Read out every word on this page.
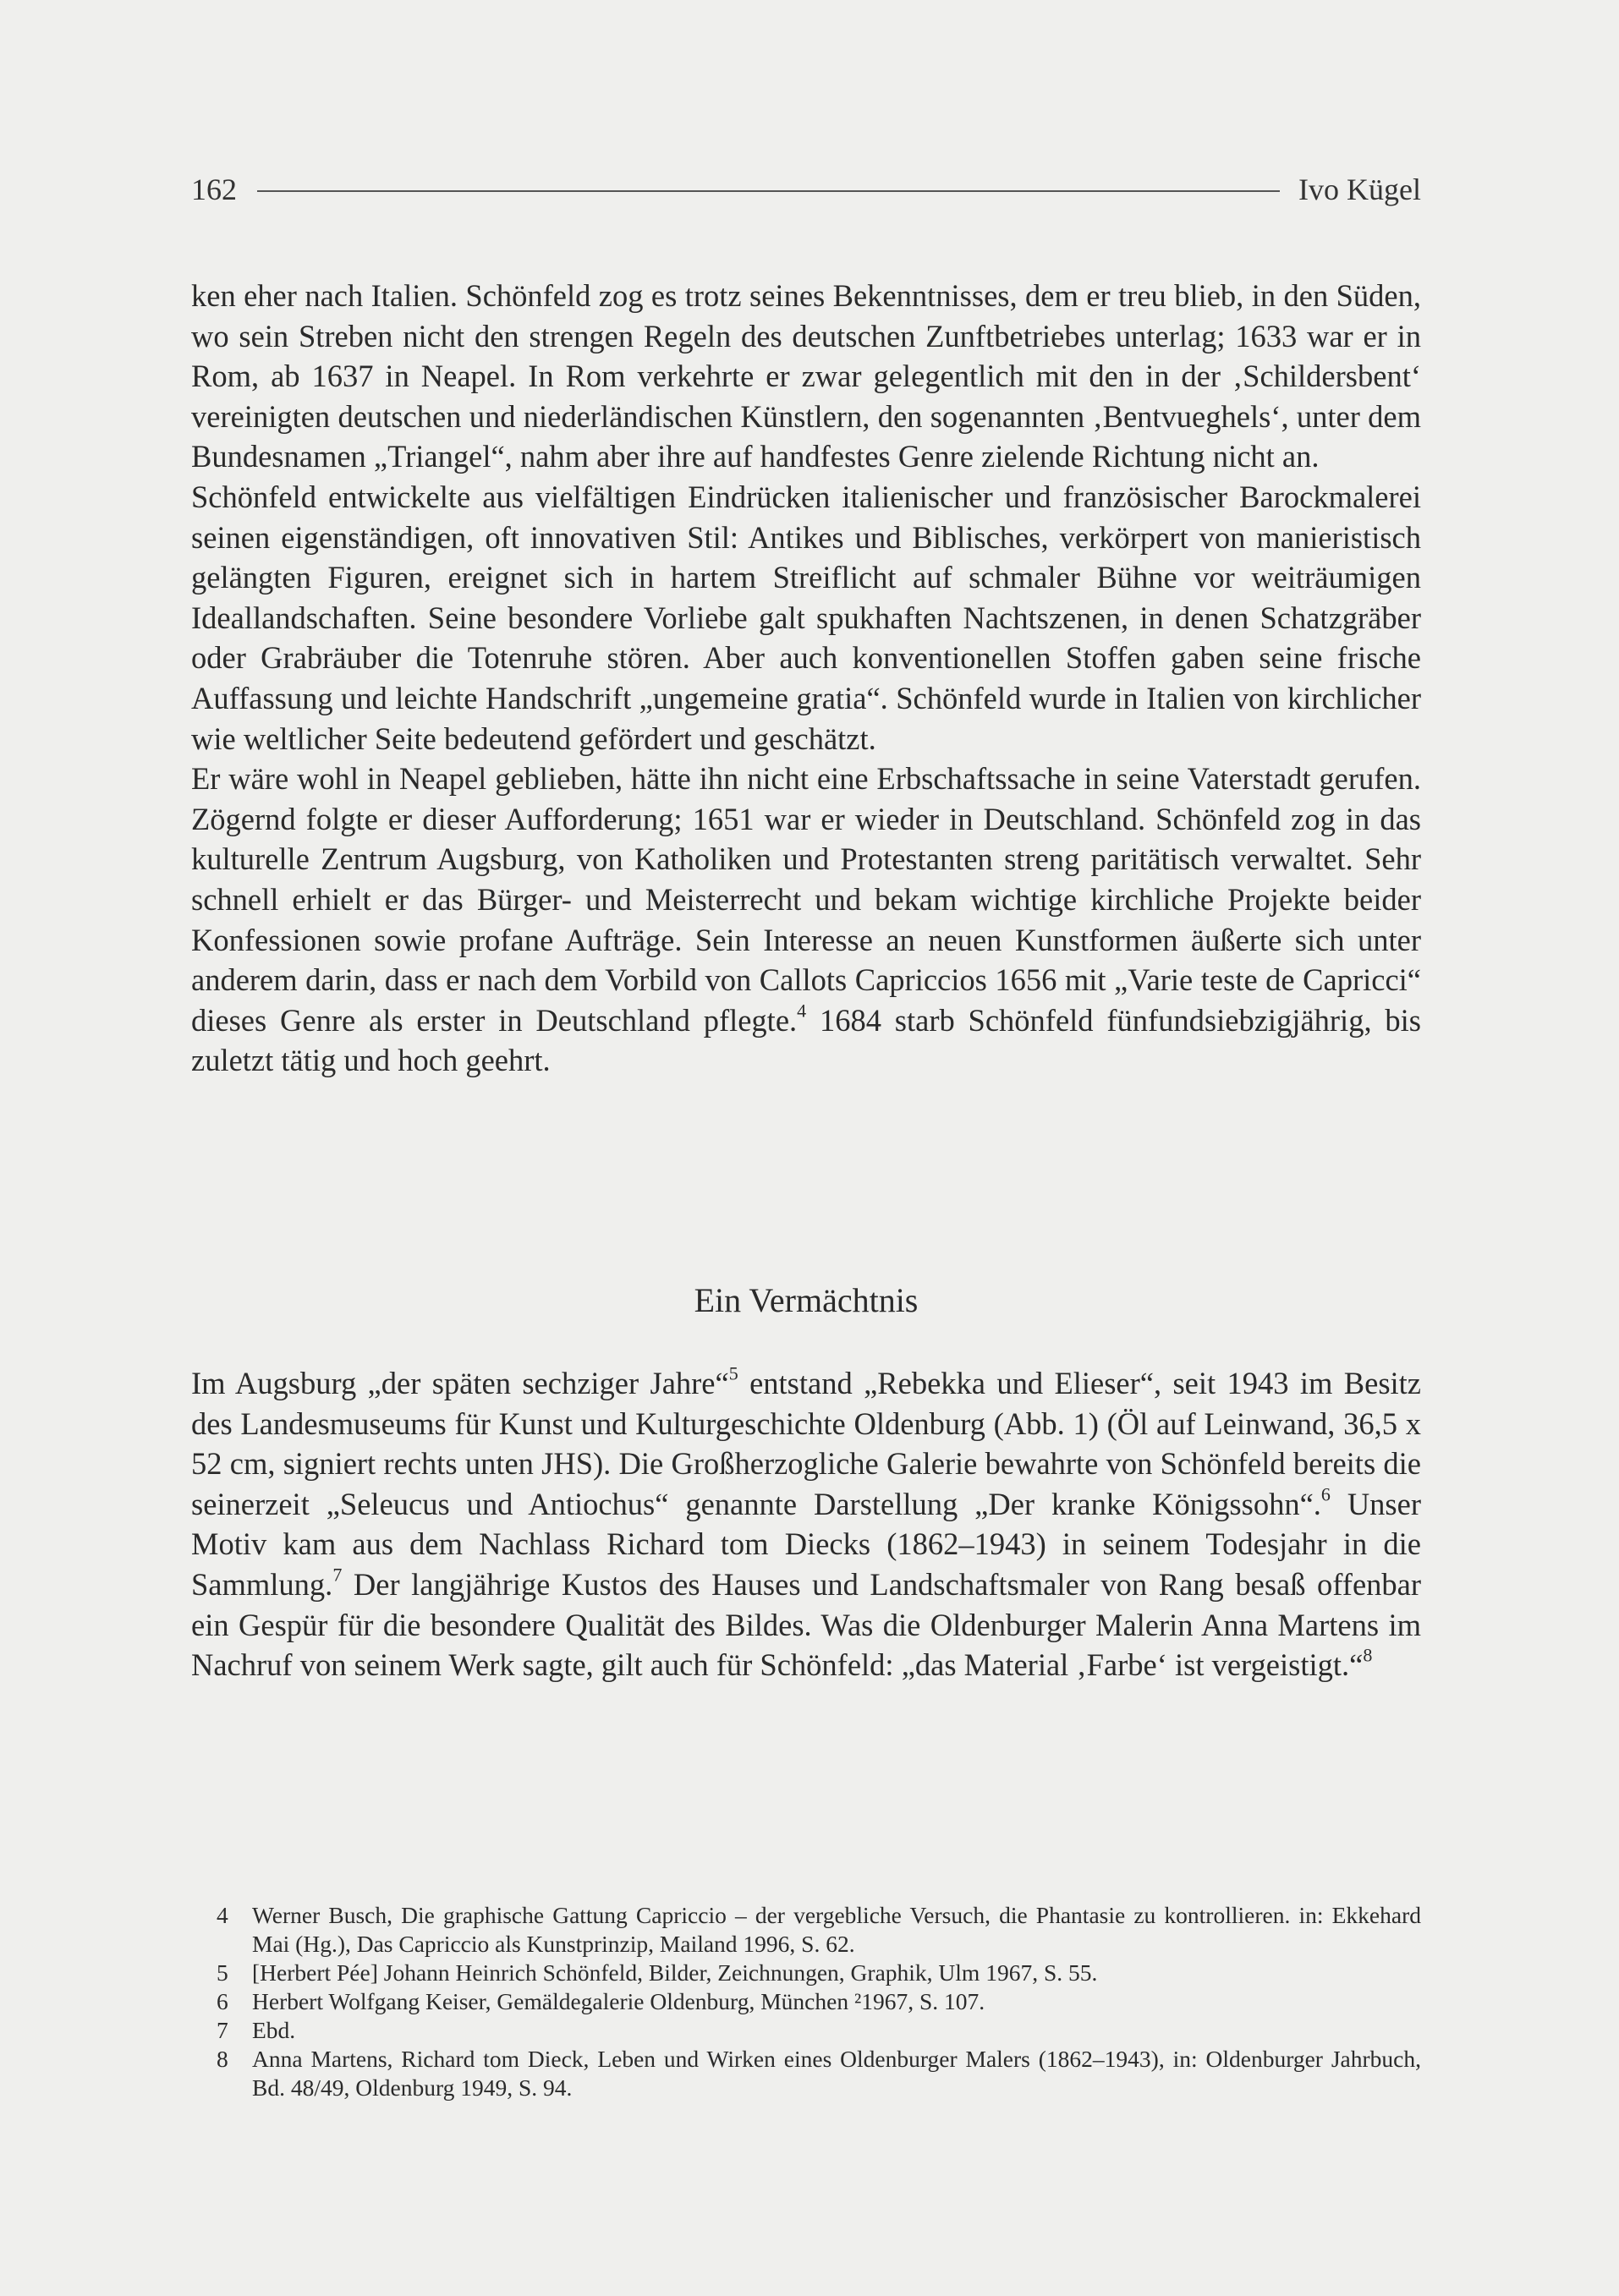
162	Ivo Kügel

ken eher nach Italien. Schönfeld zog es trotz seines Bekenntnisses, dem er treu blieb, in den Süden, wo sein Streben nicht den strengen Regeln des deutschen Zunftbetriebes unterlag; 1633 war er in Rom, ab 1637 in Neapel. In Rom verkehrte er zwar gelegentlich mit den in der ‚Schildersbent‘ vereinigten deutschen und niederländischen Künstlern, den sogenannten ‚Bentvueghels‘, unter dem Bundesnamen „Triangel“, nahm aber ihre auf handfestes Genre zielende Richtung nicht an.

Schönfeld entwickelte aus vielfältigen Eindrücken italienischer und französischer Barockmalerei seinen eigenständigen, oft innovativen Stil: Antikes und Biblisches, verkörpert von manieristisch gelängten Figuren, ereignet sich in hartem Streiflicht auf schmaler Bühne vor weiträumigen Ideallandschaften. Seine besondere Vorliebe galt spukhaften Nachtszenen, in denen Schatzgräber oder Grabräuber die Totenruhe stören. Aber auch konventionellen Stoffen gaben seine frische Auffassung und leichte Handschrift „ungemeine gratia“. Schönfeld wurde in Italien von kirchlicher wie weltlicher Seite bedeutend gefördert und geschätzt.

Er wäre wohl in Neapel geblieben, hätte ihn nicht eine Erbschaftssache in seine Vaterstadt gerufen. Zögernd folgte er dieser Aufforderung; 1651 war er wieder in Deutschland. Schönfeld zog in das kulturelle Zentrum Augsburg, von Katholiken und Protestanten streng paritätisch verwaltet. Sehr schnell erhielt er das Bürger- und Meisterrecht und bekam wichtige kirchliche Projekte beider Konfessionen sowie profane Aufträge. Sein Interesse an neuen Kunstformen äußerte sich unter anderem darin, dass er nach dem Vorbild von Callots Capriccios 1656 mit „Varie teste de Capricci“ dieses Genre als erster in Deutschland pflegte.$^4$ 1684 starb Schönfeld fünfundsiebzigjährig, bis zuletzt tätig und hoch geehrt.

Ein Vermächtnis

Im Augsburg „der späten sechziger Jahre“$^5$ entstand „Rebekka und Elieser“, seit 1943 im Besitz des Landesmuseums für Kunst und Kulturgeschichte Oldenburg (Abb. 1) (Öl auf Leinwand, 36,5 x 52 cm, signiert rechts unten JHS). Die Großherzogliche Galerie bewahrte von Schönfeld bereits die seinerzeit „Seleucus und Antiochus“ genannte Darstellung „Der kranke Königssohn“.$^6$ Unser Motiv kam aus dem Nachlass Richard tom Diecks (1862–1943) in seinem Todesjahr in die Sammlung.$^7$ Der langjährige Kustos des Hauses und Landschaftsmaler von Rang besaß offenbar ein Gespür für die besondere Qualität des Bildes. Was die Oldenburger Malerin Anna Martens im Nachruf von seinem Werk sagte, gilt auch für Schönfeld: „das Material ‚Farbe‘ ist vergeistigt.“$^8$

4	Werner Busch, Die graphische Gattung Capriccio – der vergebliche Versuch, die Phantasie zu kontrollieren. in: Ekkehard Mai (Hg.), Das Capriccio als Kunstprinzip, Mailand 1996, S. 62.
5	[Herbert Pée] Johann Heinrich Schönfeld, Bilder, Zeichnungen, Graphik, Ulm 1967, S. 55.
6	Herbert Wolfgang Keiser, Gemäldegalerie Oldenburg, München ²1967, S. 107.
7	Ebd.
8	Anna Martens, Richard tom Dieck, Leben und Wirken eines Oldenburger Malers (1862–1943), in: Oldenburger Jahrbuch, Bd. 48/49, Oldenburg 1949, S. 94.
